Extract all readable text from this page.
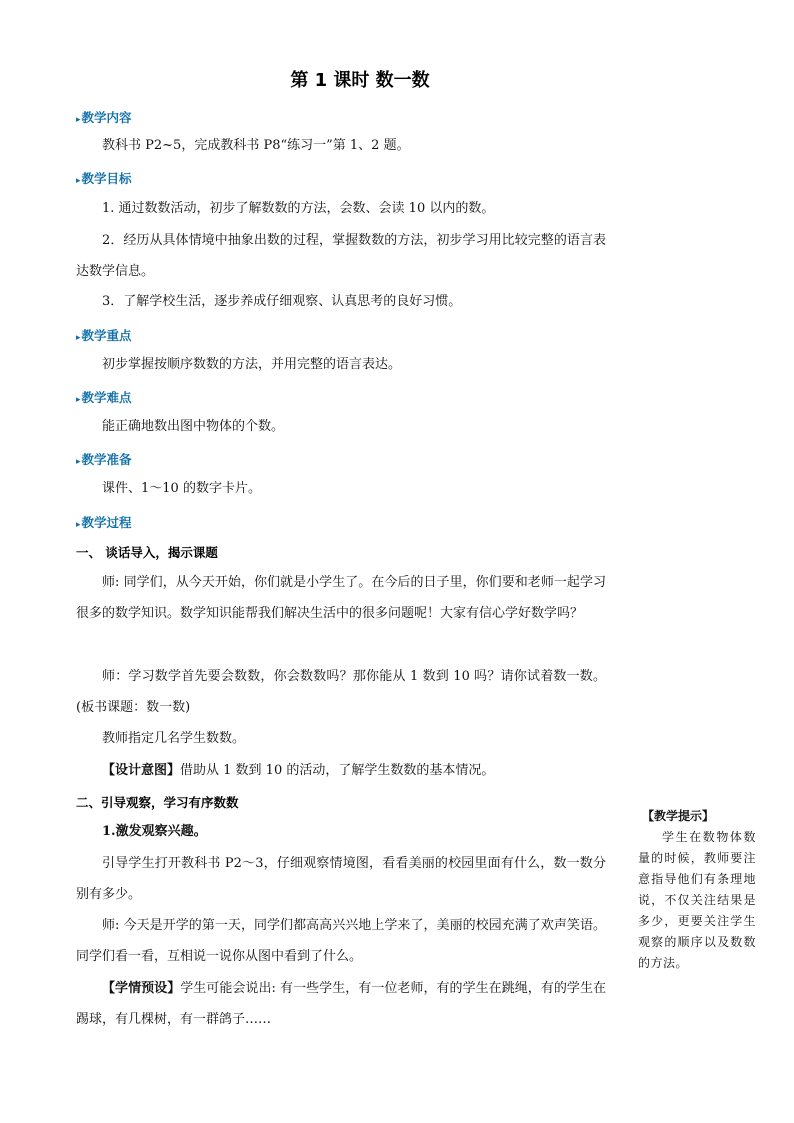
第 1 课时 数一数
▸教学内容
教科书 P2~5，完成教科书 P8“练习一”第 1、2 题。
▸教学目标
1. 通过数数活动，初步了解数数的方法，会数、会读 10 以内的数。
2．经历从具体情境中抽象出数的过程，掌握数数的方法，初步学习用比较完整的语言表达数学信息。
3．了解学校生活，逐步养成仔细观察、认真思考的良好习惯。
▸教学重点
初步掌握按顺序数数的方法，并用完整的语言表达。
▸教学难点
能正确地数出图中物体的个数。
▸教学准备
课件、1～10 的数字卡片。
▸教学过程
一、 谈话导入，揭示课题
师: 同学们，从今天开始，你们就是小学生了。在今后的日子里，你们要和老师一起学习很多的数学知识。数学知识能帮我们解决生活中的很多问题呢！大家有信心学好数学吗？
师：学习数学首先要会数数，你会数数吗？那你能从 1 数到 10 吗？请你试着数一数。(板书课题：数一数)
教师指定几名学生数数。
【设计意图】借助从 1 数到 10 的活动，了解学生数数的基本情况。
二、引导观察，学习有序数数
1.激发观察兴趣。
引导学生打开教科书 P2～3，仔细观察情境图，看看美丽的校园里面有什么，数一数分别有多少。
师: 今天是开学的第一天，同学们都高高兴兴地上学来了，美丽的校园充满了欢声笑语。同学们看一看，互相说一说你从图中看到了什么。
【学情预设】学生可能会说出: 有一些学生，有一位老师，有的学生在跳绳，有的学生在踢球，有几棵树，有一群鸽子……
【教学提示】
学生在数物体数量的时候，教师要注意指导他们有条理地说，不仅关注结果是多少，更要关注学生观察的顺序以及数数的方法。
